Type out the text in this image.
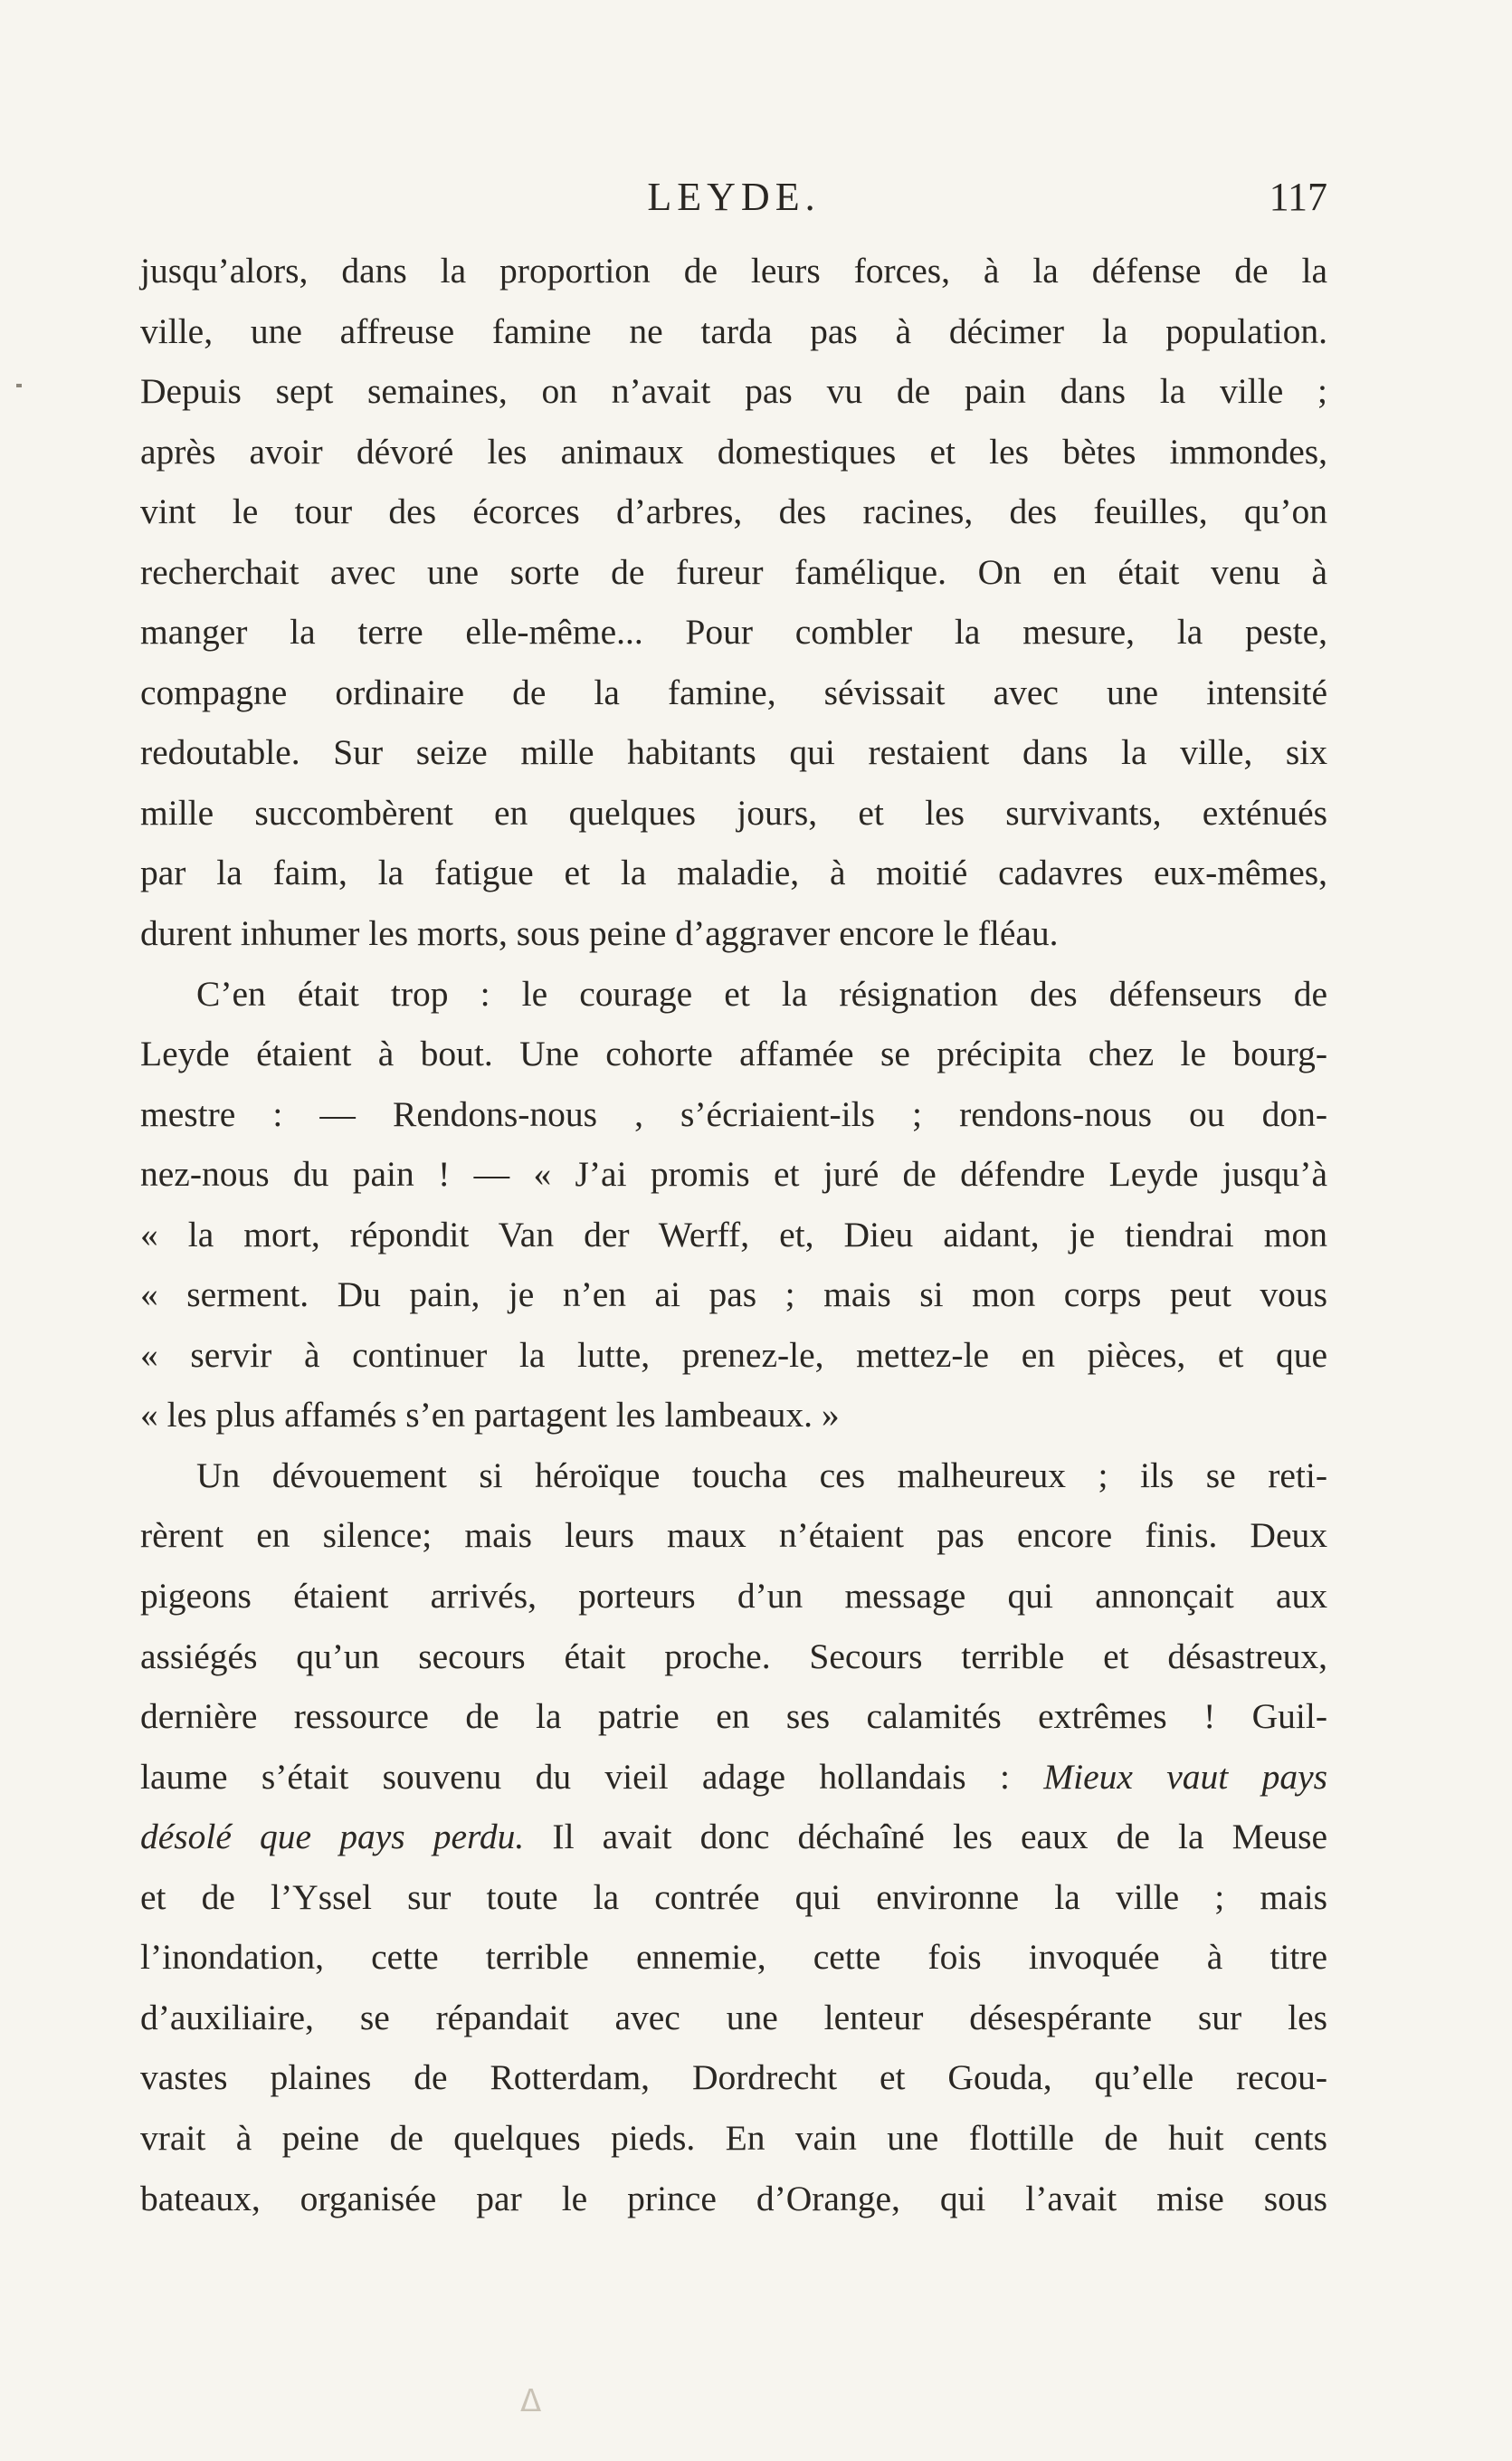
LEYDE.	117
jusqu’alors, dans la proportion de leurs forces, à la défense de la
ville, une affreuse famine ne tarda pas à décimer la population.
Depuis sept semaines, on n’avait pas vu de pain dans la ville ;
après avoir dévoré les animaux domestiques et les bètes immondes,
vint le tour des écorces d’arbres, des racines, des feuilles, qu’on
recherchait avec une sorte de fureur famélique. On en était venu à
manger la terre elle-même... Pour combler la mesure, la peste,
compagne ordinaire de la famine, sévissait avec une intensité
redoutable. Sur seize mille habitants qui restaient dans la ville, six
mille succombèrent en quelques jours, et les survivants, exténués
par la faim, la fatigue et la maladie, à moitié cadavres eux-mêmes,
durent inhumer les morts, sous peine d’aggraver encore le fléau.
C’en était trop : le courage et la résignation des défenseurs de
Leyde étaient à bout. Une cohorte affamée se précipita chez le bourg-
mestre : — Rendons-nous , s’écriaient-ils ; rendons-nous ou don-
nez-nous du pain ! — « J’ai promis et juré de défendre Leyde jusqu’à
« la mort, répondit Van der Werff, et, Dieu aidant, je tiendrai mon
« serment. Du pain, je n’en ai pas ; mais si mon corps peut vous
« servir à continuer la lutte, prenez-le, mettez-le en pièces, et que
« les plus affamés s’en partagent les lambeaux. »
Un dévouement si héroïque toucha ces malheureux ; ils se reti-
rèrent en silence; mais leurs maux n’étaient pas encore finis. Deux
pigeons étaient arrivés, porteurs d’un message qui annonçait aux
assiégés qu’un secours était proche. Secours terrible et désastreux,
dernière ressource de la patrie en ses calamités extrêmes ! Guil-
laume s’était souvenu du vieil adage hollandais : Mieux vaut pays
désolé que pays perdu. Il avait donc déchaîné les eaux de la Meuse
et de l’Yssel sur toute la contrée qui environne la ville ; mais
l’inondation, cette terrible ennemie, cette fois invoquée à titre
d’auxiliaire, se répandait avec une lenteur désespérante sur les
vastes plaines de Rotterdam, Dordrecht et Gouda, qu’elle recou-
vrait à peine de quelques pieds. En vain une flottille de huit cents
bateaux, organisée par le prince d’Orange, qui l’avait mise sous
ᐃ
